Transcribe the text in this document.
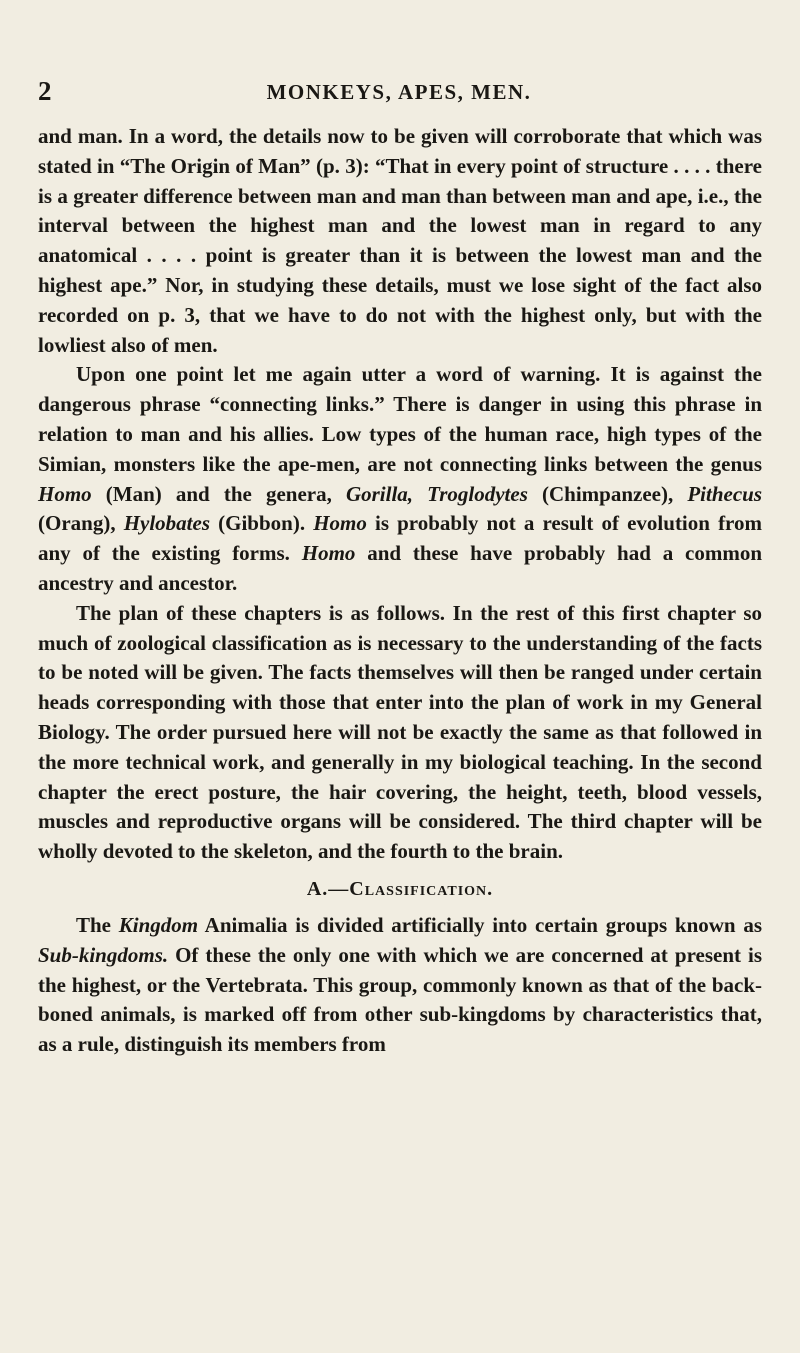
2	MONKEYS, APES, MEN.

and man. In a word, the details now to be given will corroborate that which was stated in “The Origin of Man” (p. 3): “That in every point of structure . . . . there is a greater difference between man and man than between man and ape, i.e., the interval between the highest man and the lowest man in regard to any anatomical . . . . point is greater than it is between the lowest man and the highest ape.” Nor, in studying these details, must we lose sight of the fact also recorded on p. 3, that we have to do not with the highest only, but with the lowliest also of men.

Upon one point let me again utter a word of warning. It is against the dangerous phrase “connecting links.” There is danger in using this phrase in relation to man and his allies. Low types of the human race, high types of the Simian, monsters like the ape-men, are not connecting links between the genus Homo (Man) and the genera, Gorilla, Troglodytes (Chimpanzee), Pithecus (Orang), Hylobates (Gibbon). Homo is probably not a result of evolution from any of the existing forms. Homo and these have probably had a common ancestry and ancestor.

The plan of these chapters is as follows. In the rest of this first chapter so much of zoological classification as is necessary to the understanding of the facts to be noted will be given. The facts themselves will then be ranged under certain heads corresponding with those that enter into the plan of work in my General Biology. The order pursued here will not be exactly the same as that followed in the more technical work, and generally in my biological teaching. In the second chapter the erect posture, the hair covering, the height, teeth, blood vessels, muscles and reproductive organs will be considered. The third chapter will be wholly devoted to the skeleton, and the fourth to the brain.

A.—Classification.

The Kingdom Animalia is divided artificially into certain groups known as Sub-kingdoms. Of these the only one with which we are concerned at present is the highest, or the Vertebrata. This group, commonly known as that of the back-boned animals, is marked off from other sub-kingdoms by characteristics that, as a rule, distinguish its members from
